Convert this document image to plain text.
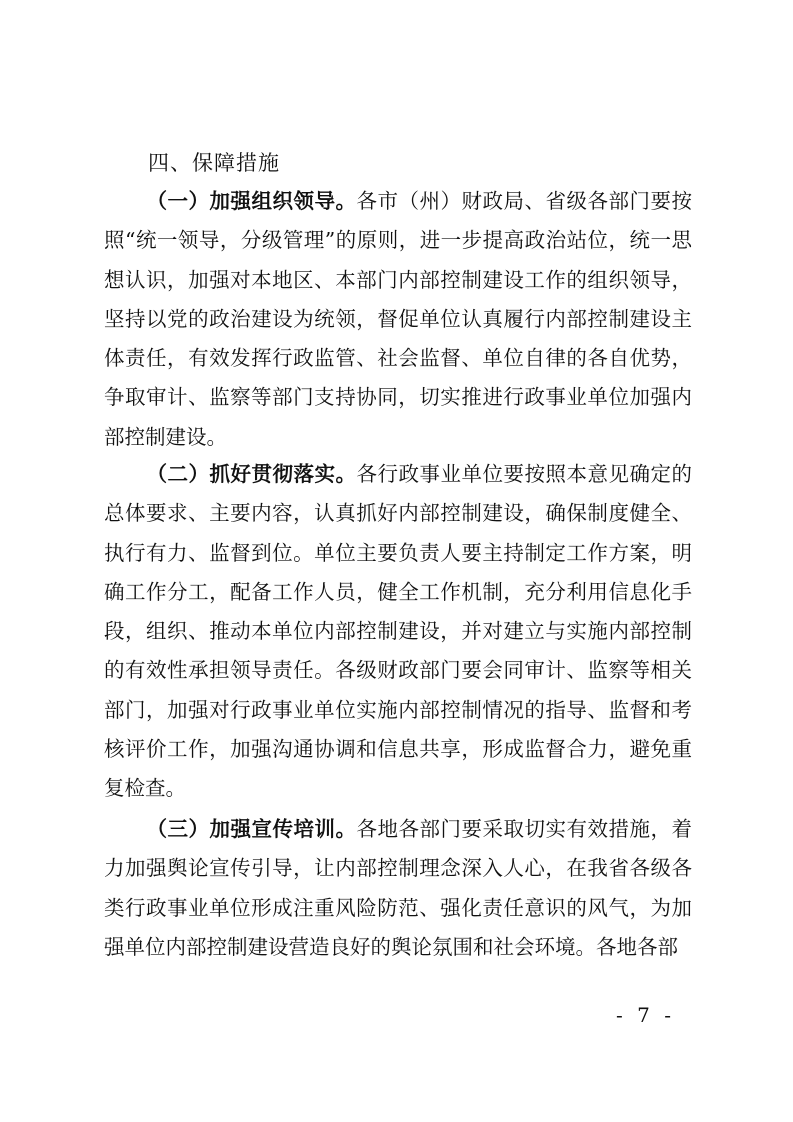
四、保障措施

（一）加强组织领导。各市（州）财政局、省级各部门要按照“统一领导，分级管理”的原则，进一步提高政治站位，统一思想认识，加强对本地区、本部门内部控制建设工作的组织领导，坚持以党的政治建设为统领，督促单位认真履行内部控制建设主体责任，有效发挥行政监管、社会监督、单位自律的各自优势，争取审计、监察等部门支持协同，切实推进行政事业单位加强内部控制建设。

（二）抓好贯彻落实。各行政事业单位要按照本意见确定的总体要求、主要内容，认真抓好内部控制建设，确保制度健全、执行有力、监督到位。单位主要负责人要主持制定工作方案，明确工作分工，配备工作人员，健全工作机制，充分利用信息化手段，组织、推动本单位内部控制建设，并对建立与实施内部控制的有效性承担领导责任。各级财政部门要会同审计、监察等相关部门，加强对行政事业单位实施内部控制情况的指导、监督和考核评价工作，加强沟通协调和信息共享，形成监督合力，避免重复检查。

（三）加强宣传培训。各地各部门要采取切实有效措施，着力加强舆论宣传引导，让内部控制理念深入人心，在我省各级各类行政事业单位形成注重风险防范、强化责任意识的风气，为加强单位内部控制建设营造良好的舆论氛围和社会环境。各地各部

- 7 -
